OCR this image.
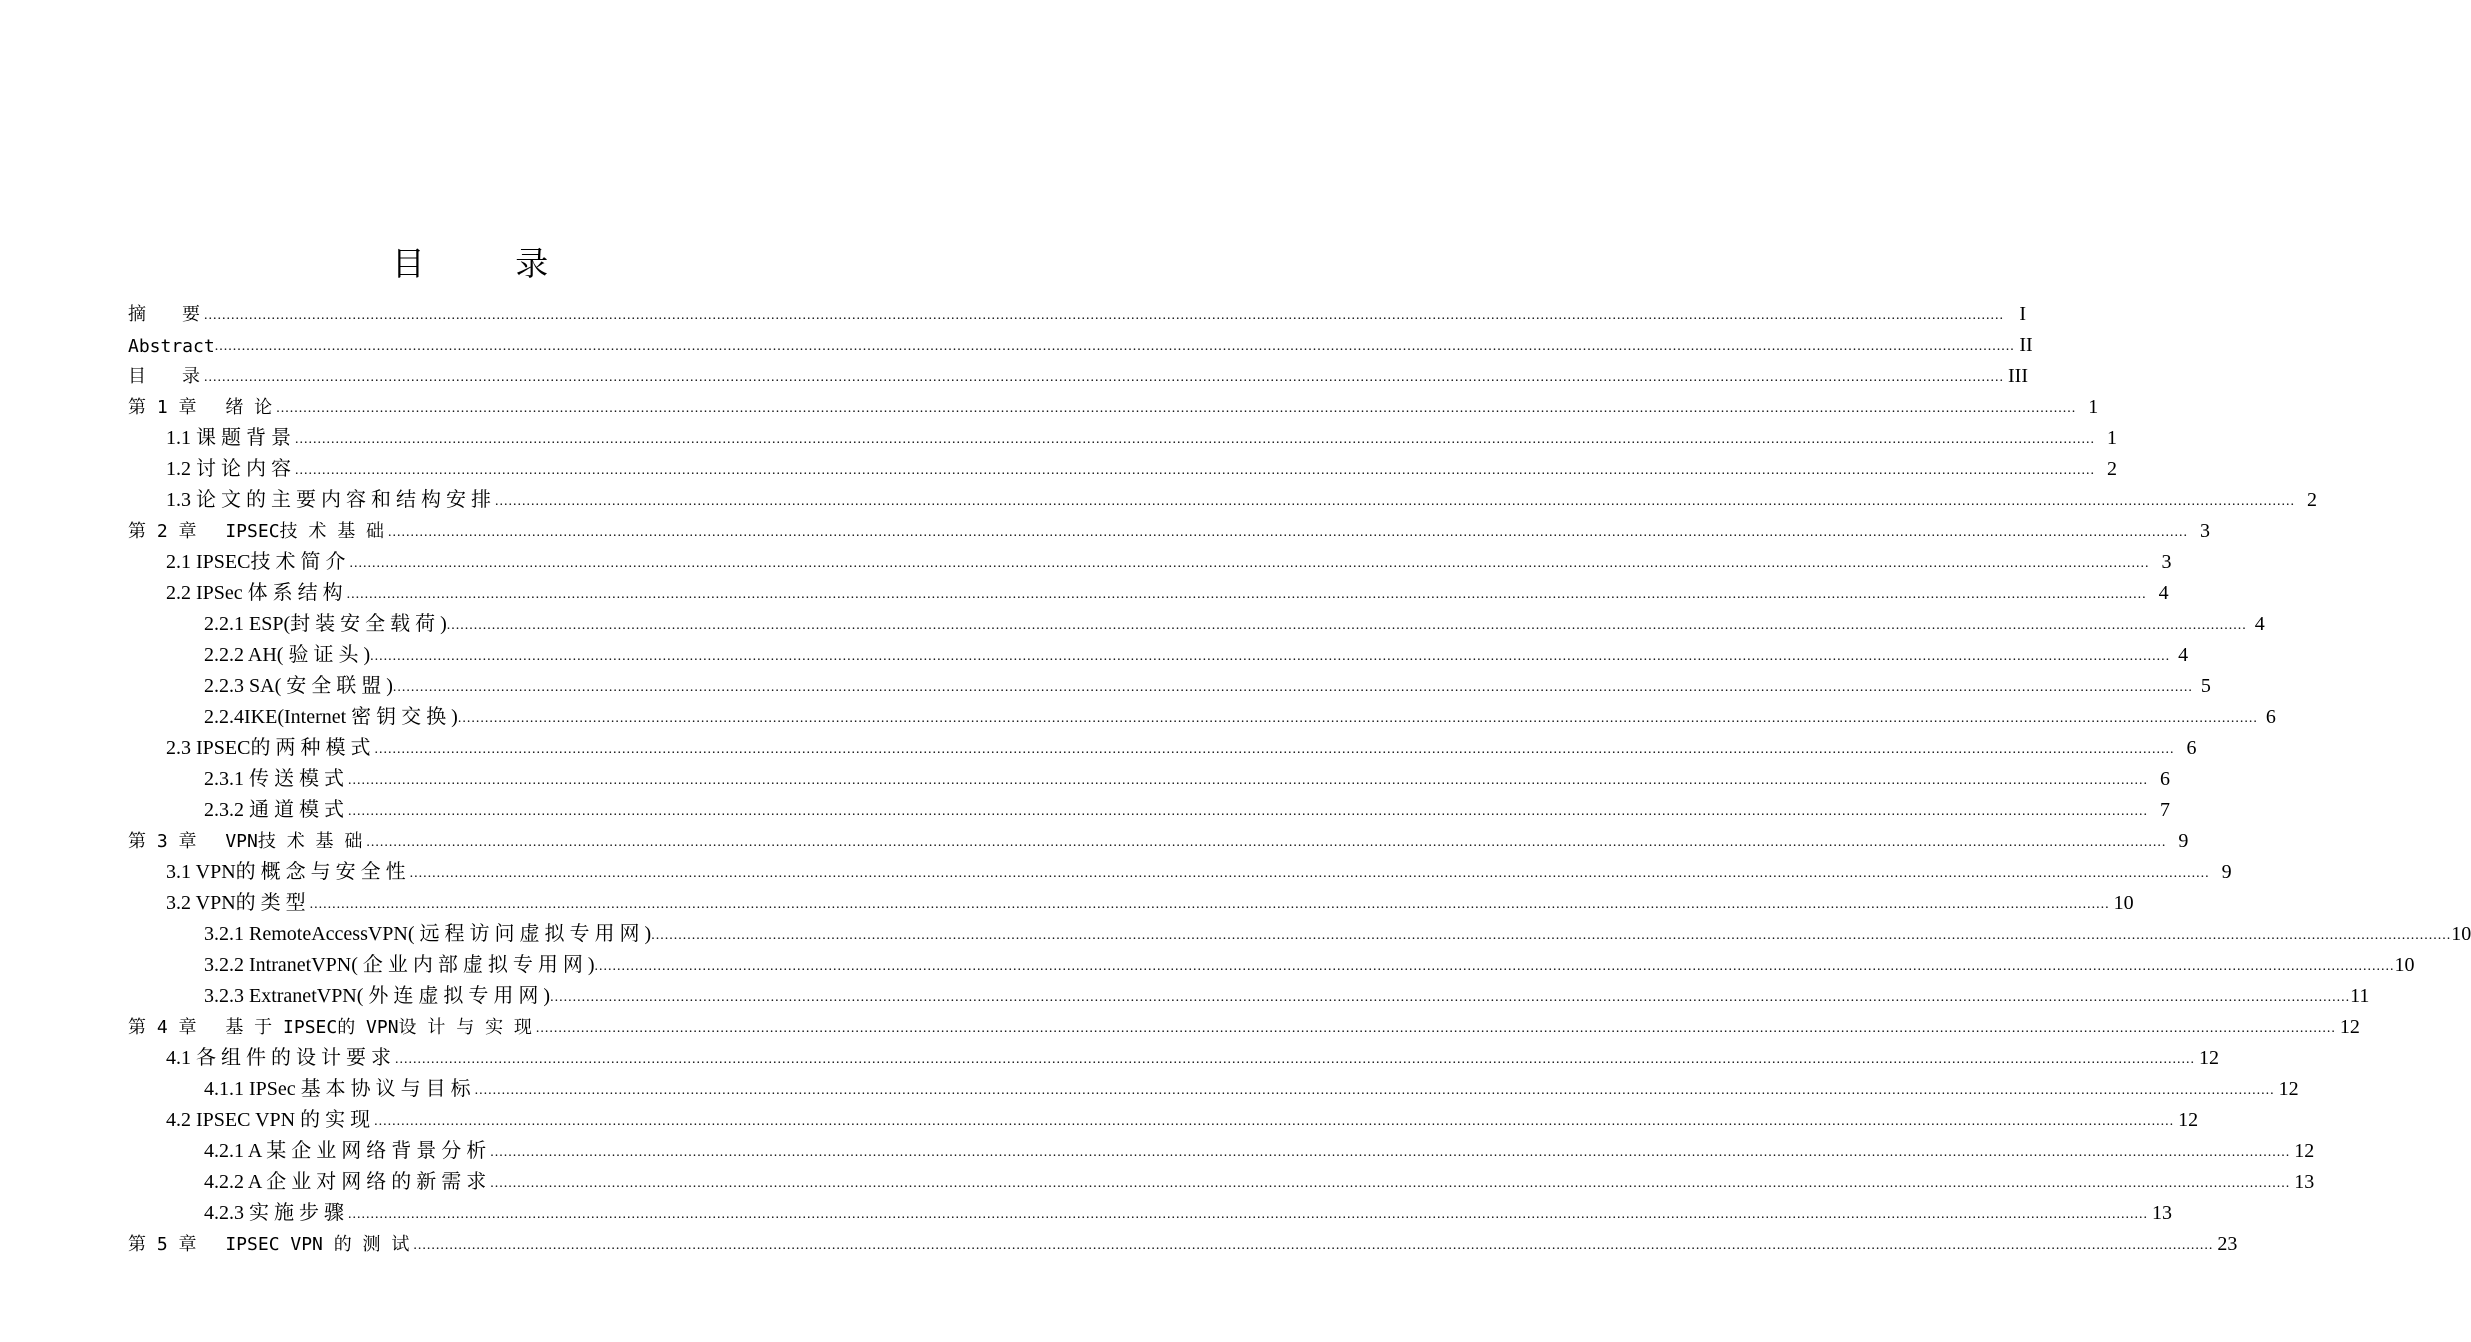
目 录
摘　　要 ................................................................................................................................................................................................................................................................................................................................................................................................................ I
Abstract ................................................................................................................................................................................................................................................................................................................................................................................................................ II
目　　录 ................................................................................................................................................................................................................................................................................................................................................................................................................ III
第 1 章　 绪 论 ................................................................................................................................................................................................................................................................................................................................................................................................................ 1
1.1 课 题 背 景 ................................................................................................................................................................................................................................................................................................................................................................................................................ 1
1.2 讨 论 内 容 ................................................................................................................................................................................................................................................................................................................................................................................................................ 2
1.3 论 文 的 主 要 内 容 和 结 构 安 排 ................................................................................................................................................................................................................................................................................................................................................................................................................ 2
第 2 章　 IPSEC技 术 基 础 ................................................................................................................................................................................................................................................................................................................................................................................................................ 3
2.1 IPSEC技 术 简 介 ................................................................................................................................................................................................................................................................................................................................................................................................................ 3
2.2 IPSec 体 系 结 构 ................................................................................................................................................................................................................................................................................................................................................................................................................ 4
2.2.1 ESP(封 装 安 全 载 荷 ) ................................................................................................................................................................................................................................................................................................................................................................................................................ 4
2.2.2 AH( 验 证 头 ) ................................................................................................................................................................................................................................................................................................................................................................................................................ 4
2.2.3 SA( 安 全 联 盟 ) ................................................................................................................................................................................................................................................................................................................................................................................................................ 5
2.2.4IKE(Internet 密 钥 交 换 ) ................................................................................................................................................................................................................................................................................................................................................................................................................ 6
2.3 IPSEC的 两 种 模 式 ................................................................................................................................................................................................................................................................................................................................................................................................................ 6
2.3.1 传 送 模 式 ................................................................................................................................................................................................................................................................................................................................................................................................................ 6
2.3.2 通 道 模 式 ................................................................................................................................................................................................................................................................................................................................................................................................................ 7
第 3 章　 VPN技 术 基 础 ................................................................................................................................................................................................................................................................................................................................................................................................................ 9
3.1 VPN的 概 念 与 安 全 性 ................................................................................................................................................................................................................................................................................................................................................................................................................ 9
3.2 VPN的 类 型 ................................................................................................................................................................................................................................................................................................................................................................................................................ 10
3.2.1 RemoteAccessVPN( 远 程 访 问 虚 拟 专 用 网 ) ................................................................................................................................................................................................................................................................................................................................................................................................................ 10
3.2.2 IntranetVPN( 企 业 内 部 虚 拟 专 用 网 ) ................................................................................................................................................................................................................................................................................................................................................................................................................ 10
3.2.3 ExtranetVPN( 外 连 虚 拟 专 用 网 ) ................................................................................................................................................................................................................................................................................................................................................................................................................ 11
第 4 章　 基 于 IPSEC的 VPN设 计 与 实 现 ................................................................................................................................................................................................................................................................................................................................................................................................................ 12
4.1 各 组 件 的 设 计 要 求 ................................................................................................................................................................................................................................................................................................................................................................................................................ 12
4.1.1 IPSec 基 本 协 议 与 目 标 ................................................................................................................................................................................................................................................................................................................................................................................................................ 12
4.2 IPSEC VPN 的 实 现 ................................................................................................................................................................................................................................................................................................................................................................................................................ 12
4.2.1 A 某 企 业 网 络 背 景 分 析 ................................................................................................................................................................................................................................................................................................................................................................................................................ 12
4.2.2 A 企 业 对 网 络 的 新 需 求 ................................................................................................................................................................................................................................................................................................................................................................................................................ 13
4.2.3 实 施 步 骤 ................................................................................................................................................................................................................................................................................................................................................................................................................ 13
第 5 章　 IPSEC VPN 的 测 试 ................................................................................................................................................................................................................................................................................................................................................................................................................ 23
